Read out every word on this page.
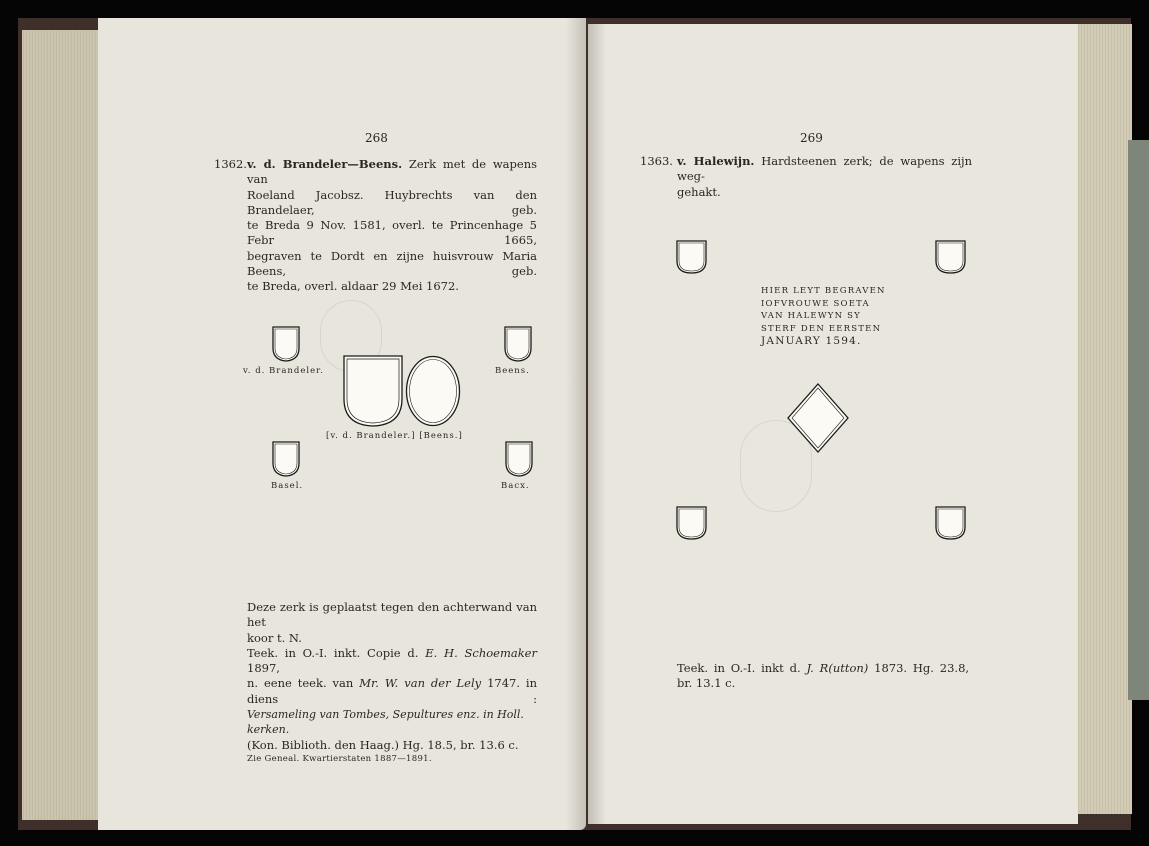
268
1362. v. d. Brandeler—Beens. Zerk met de wapens van
Roeland Jacobsz. Huybrechts van den Brandelaer, geb.
te Breda 9 Nov. 1581, overl. te Princenhage 5 Febr 1665,
begraven te Dordt en zijne huisvrouw Maria Beens, geb.
te Breda, overl. aldaar 29 Mei 1672.
v. d. Brandeler.	Beens.
[v. d. Brandeler.] [Beens.]
Basel.	Bacx.
Deze zerk is geplaatst tegen den achterwand van het
koor t. N.
Teek. in O.-I. inkt. Copie d. E. H. Schoemaker 1897,
n. eene teek. van Mr. W. van der Lely 1747. in diens :
Versameling van Tombes, Sepultures enz. in Holl. kerken.
(Kon. Biblioth. den Haag.) Hg. 18.5, br. 13.6 c.
Zie Geneal. Kwartierstaten 1887—1891.
269
1363. v. Halewijn. Hardsteenen zerk; de wapens zijn weg-
gehakt.
HIER LEYT BEGRAVEN
IOFVROUWE SOETA
VAN HALEWYN SY
STERF DEN EERSTEN
JANUARY 1594.
Teek. in O.-I. inkt d. J. R(utton) 1873. Hg. 23.8,
br. 13.1 c.
